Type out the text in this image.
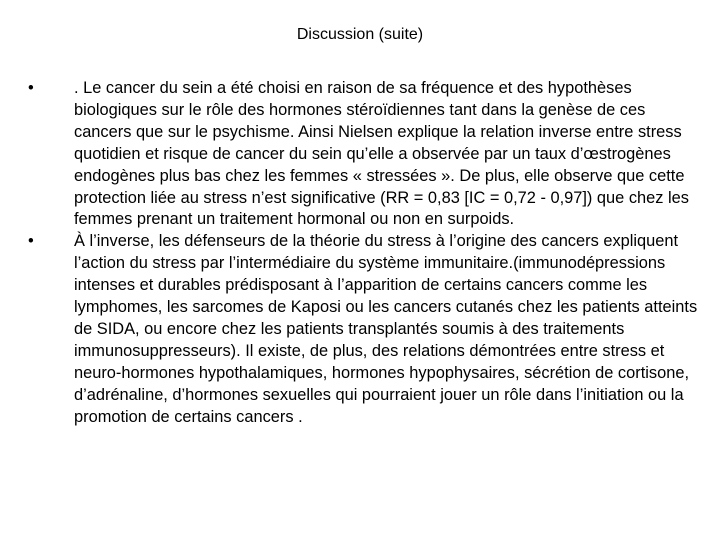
Discussion (suite)
•	. Le cancer du sein a été choisi en raison de sa fréquence et des hypothèses biologiques sur le rôle des hormones stéroïdiennes tant dans la genèse de ces cancers que sur le psychisme. Ainsi Nielsen explique la relation inverse entre stress quotidien et risque de cancer du sein qu’elle a observée par un taux d’œstrogènes endogènes plus bas chez les femmes « stressées ». De plus, elle observe que cette protection liée au stress n’est significative (RR = 0,83 [IC = 0,72 - 0,97]) que chez les femmes prenant un traitement hormonal ou non en surpoids.
•	À l’inverse, les défenseurs de la théorie du stress à l’origine des cancers expliquent l’action du stress par l’intermédiaire du système immunitaire.(immunodépressions intenses et durables prédisposant à l’apparition de certains cancers comme les lymphomes, les sarcomes de Kaposi ou les cancers cutanés chez les patients atteints de SIDA, ou encore chez les patients transplantés soumis à des traitements immunosuppresseurs). Il existe, de plus, des relations démontrées entre stress et neuro-hormones hypothalamiques, hormones hypophysaires, sécrétion de cortisone, d’adrénaline, d’hormones sexuelles qui pourraient jouer un rôle dans l’initiation ou la promotion de certains cancers .
